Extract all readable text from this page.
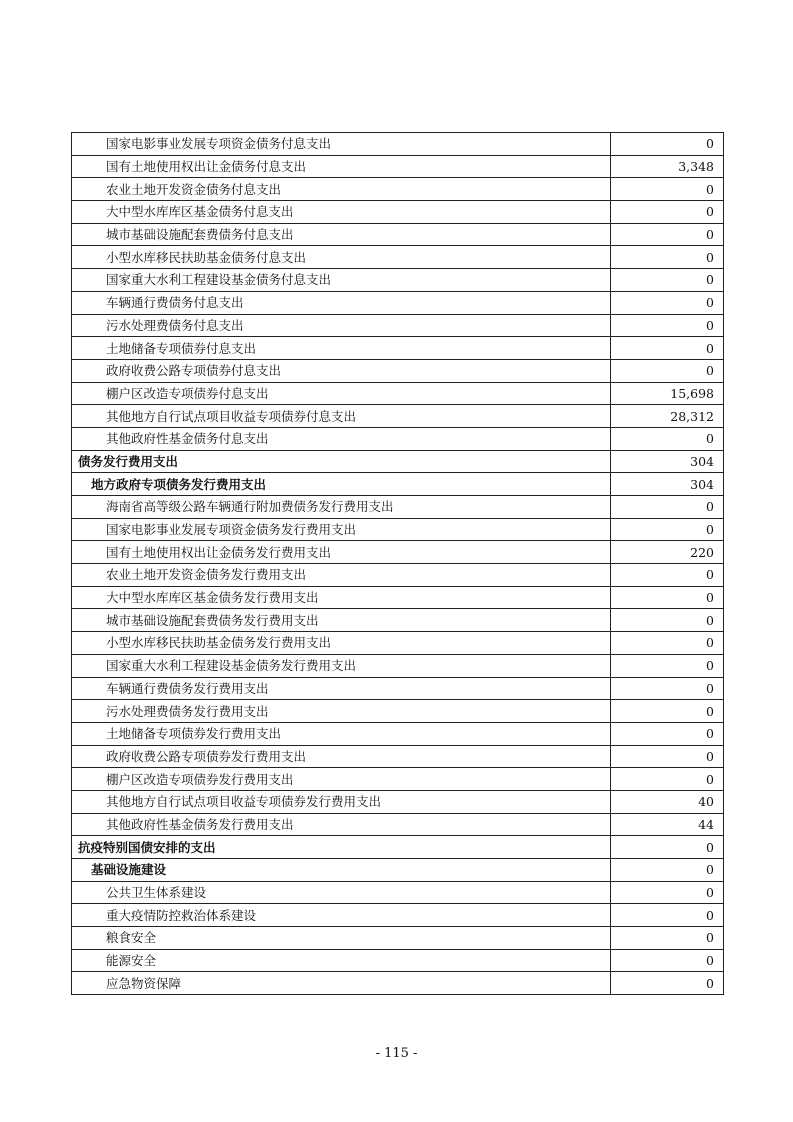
国家电影事业发展专项资金债务付息支出	0
国有土地使用权出让金债务付息支出	3,348
农业土地开发资金债务付息支出	0
大中型水库库区基金债务付息支出	0
城市基础设施配套费债务付息支出	0
小型水库移民扶助基金债务付息支出	0
国家重大水利工程建设基金债务付息支出	0
车辆通行费债务付息支出	0
污水处理费债务付息支出	0
土地储备专项债券付息支出	0
政府收费公路专项债券付息支出	0
棚户区改造专项债券付息支出	15,698
其他地方自行试点项目收益专项债券付息支出	28,312
其他政府性基金债务付息支出	0
债务发行费用支出	304
地方政府专项债务发行费用支出	304
海南省高等级公路车辆通行附加费债务发行费用支出	0
国家电影事业发展专项资金债务发行费用支出	0
国有土地使用权出让金债务发行费用支出	220
农业土地开发资金债务发行费用支出	0
大中型水库库区基金债务发行费用支出	0
城市基础设施配套费债务发行费用支出	0
小型水库移民扶助基金债务发行费用支出	0
国家重大水利工程建设基金债务发行费用支出	0
车辆通行费债务发行费用支出	0
污水处理费债务发行费用支出	0
土地储备专项债券发行费用支出	0
政府收费公路专项债券发行费用支出	0
棚户区改造专项债券发行费用支出	0
其他地方自行试点项目收益专项债券发行费用支出	40
其他政府性基金债务发行费用支出	44
抗疫特别国债安排的支出	0
基础设施建设	0
公共卫生体系建设	0
重大疫情防控救治体系建设	0
粮食安全	0
能源安全	0
应急物资保障	0
- 115 -
